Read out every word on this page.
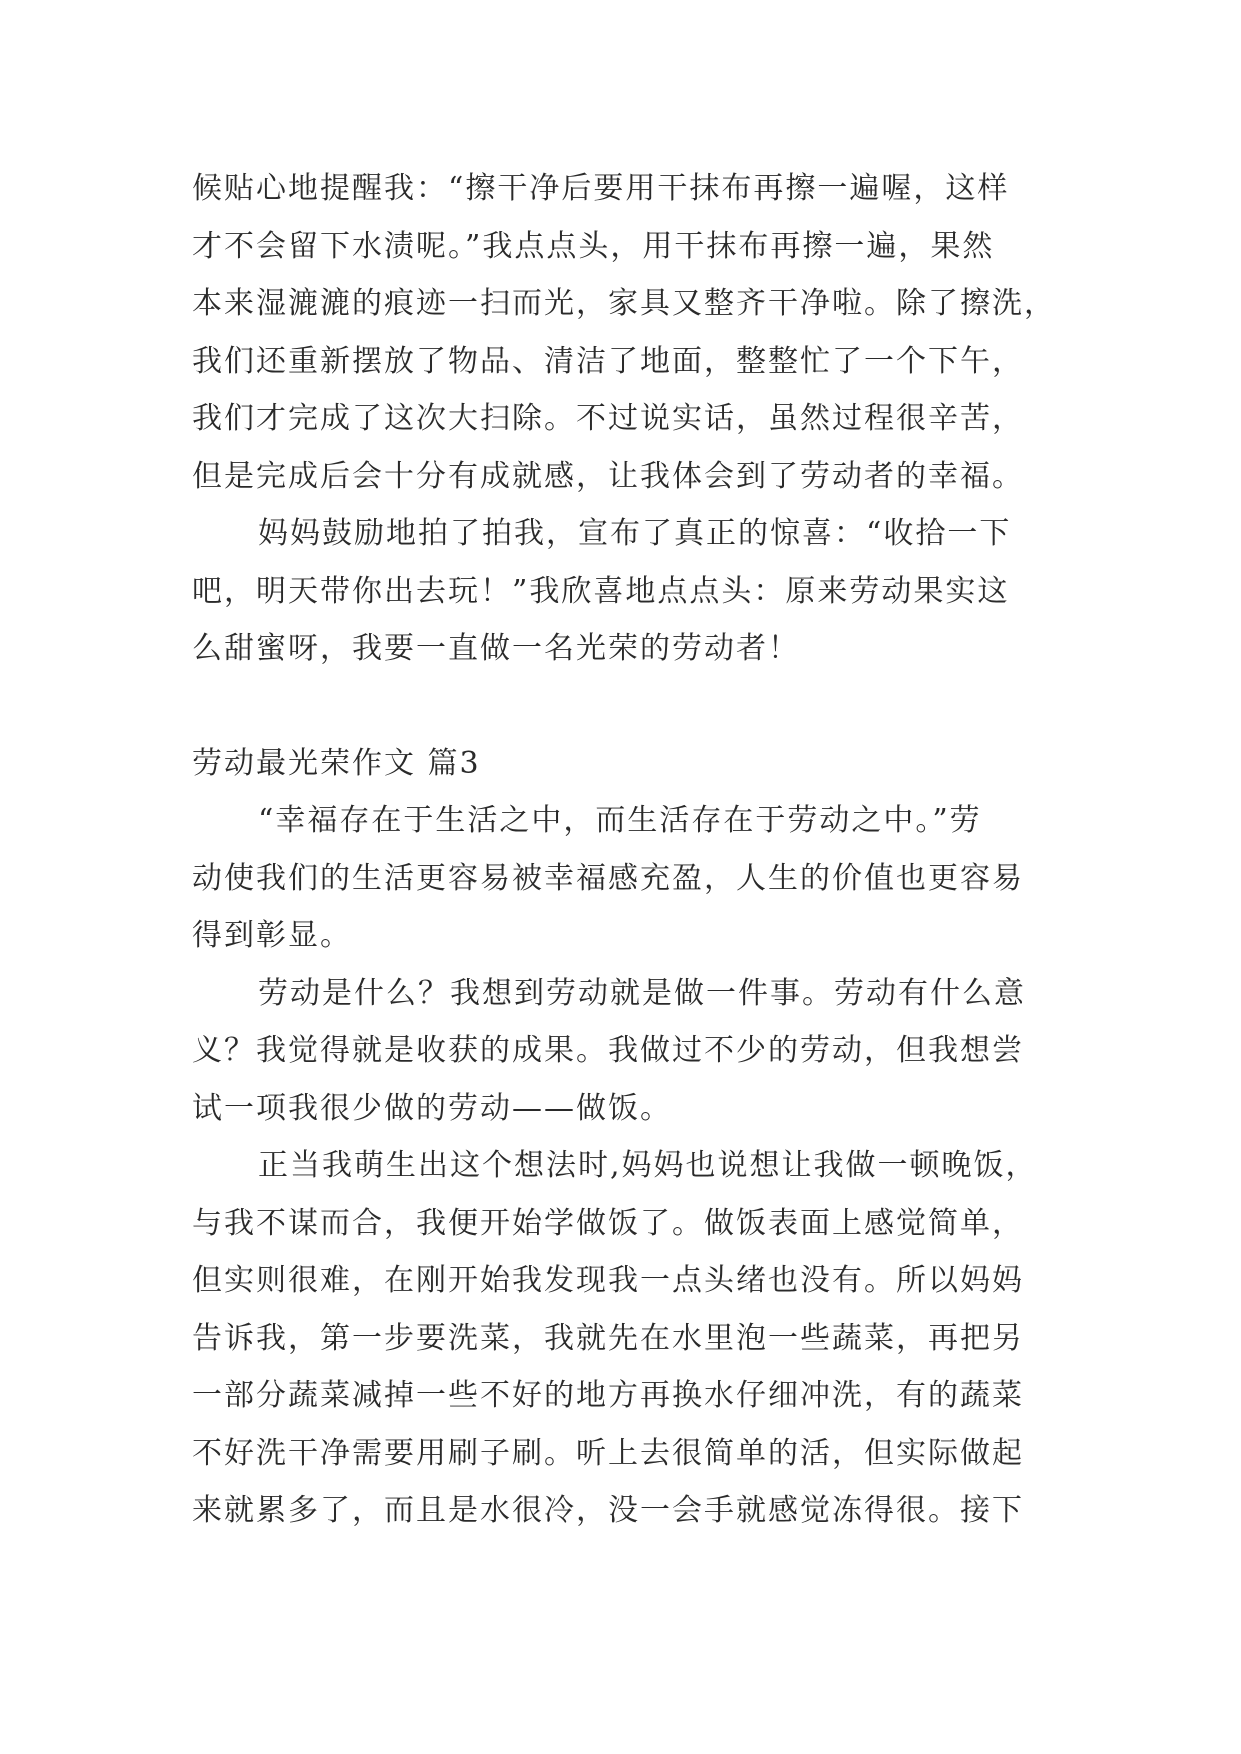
候贴心地提醒我：“擦干净后要用干抹布再擦一遍喔，这样
才不会留下水渍呢。”我点点头，用干抹布再擦一遍，果然
本来湿漉漉的痕迹一扫而光，家具又整齐干净啦。除了擦洗，
我们还重新摆放了物品、清洁了地面，整整忙了一个下午，
我们才完成了这次大扫除。不过说实话，虽然过程很辛苦，
但是完成后会十分有成就感，让我体会到了劳动者的幸福。

妈妈鼓励地拍了拍我，宣布了真正的惊喜：“收拾一下
吧，明天带你出去玩！”我欣喜地点点头：原来劳动果实这
么甜蜜呀，我要一直做一名光荣的劳动者！

劳动最光荣作文 篇3

“幸福存在于生活之中，而生活存在于劳动之中。”劳
动使我们的生活更容易被幸福感充盈，人生的价值也更容易
得到彰显。

劳动是什么？我想到劳动就是做一件事。劳动有什么意
义？我觉得就是收获的成果。我做过不少的劳动，但我想尝
试一项我很少做的劳动——做饭。

正当我萌生出这个想法时,妈妈也说想让我做一顿晚饭，
与我不谋而合，我便开始学做饭了。做饭表面上感觉简单，
但实则很难，在刚开始我发现我一点头绪也没有。所以妈妈
告诉我，第一步要洗菜，我就先在水里泡一些蔬菜，再把另
一部分蔬菜减掉一些不好的地方再换水仔细冲洗，有的蔬菜
不好洗干净需要用刷子刷。听上去很简单的活，但实际做起
来就累多了，而且是水很冷，没一会手就感觉冻得很。接下
